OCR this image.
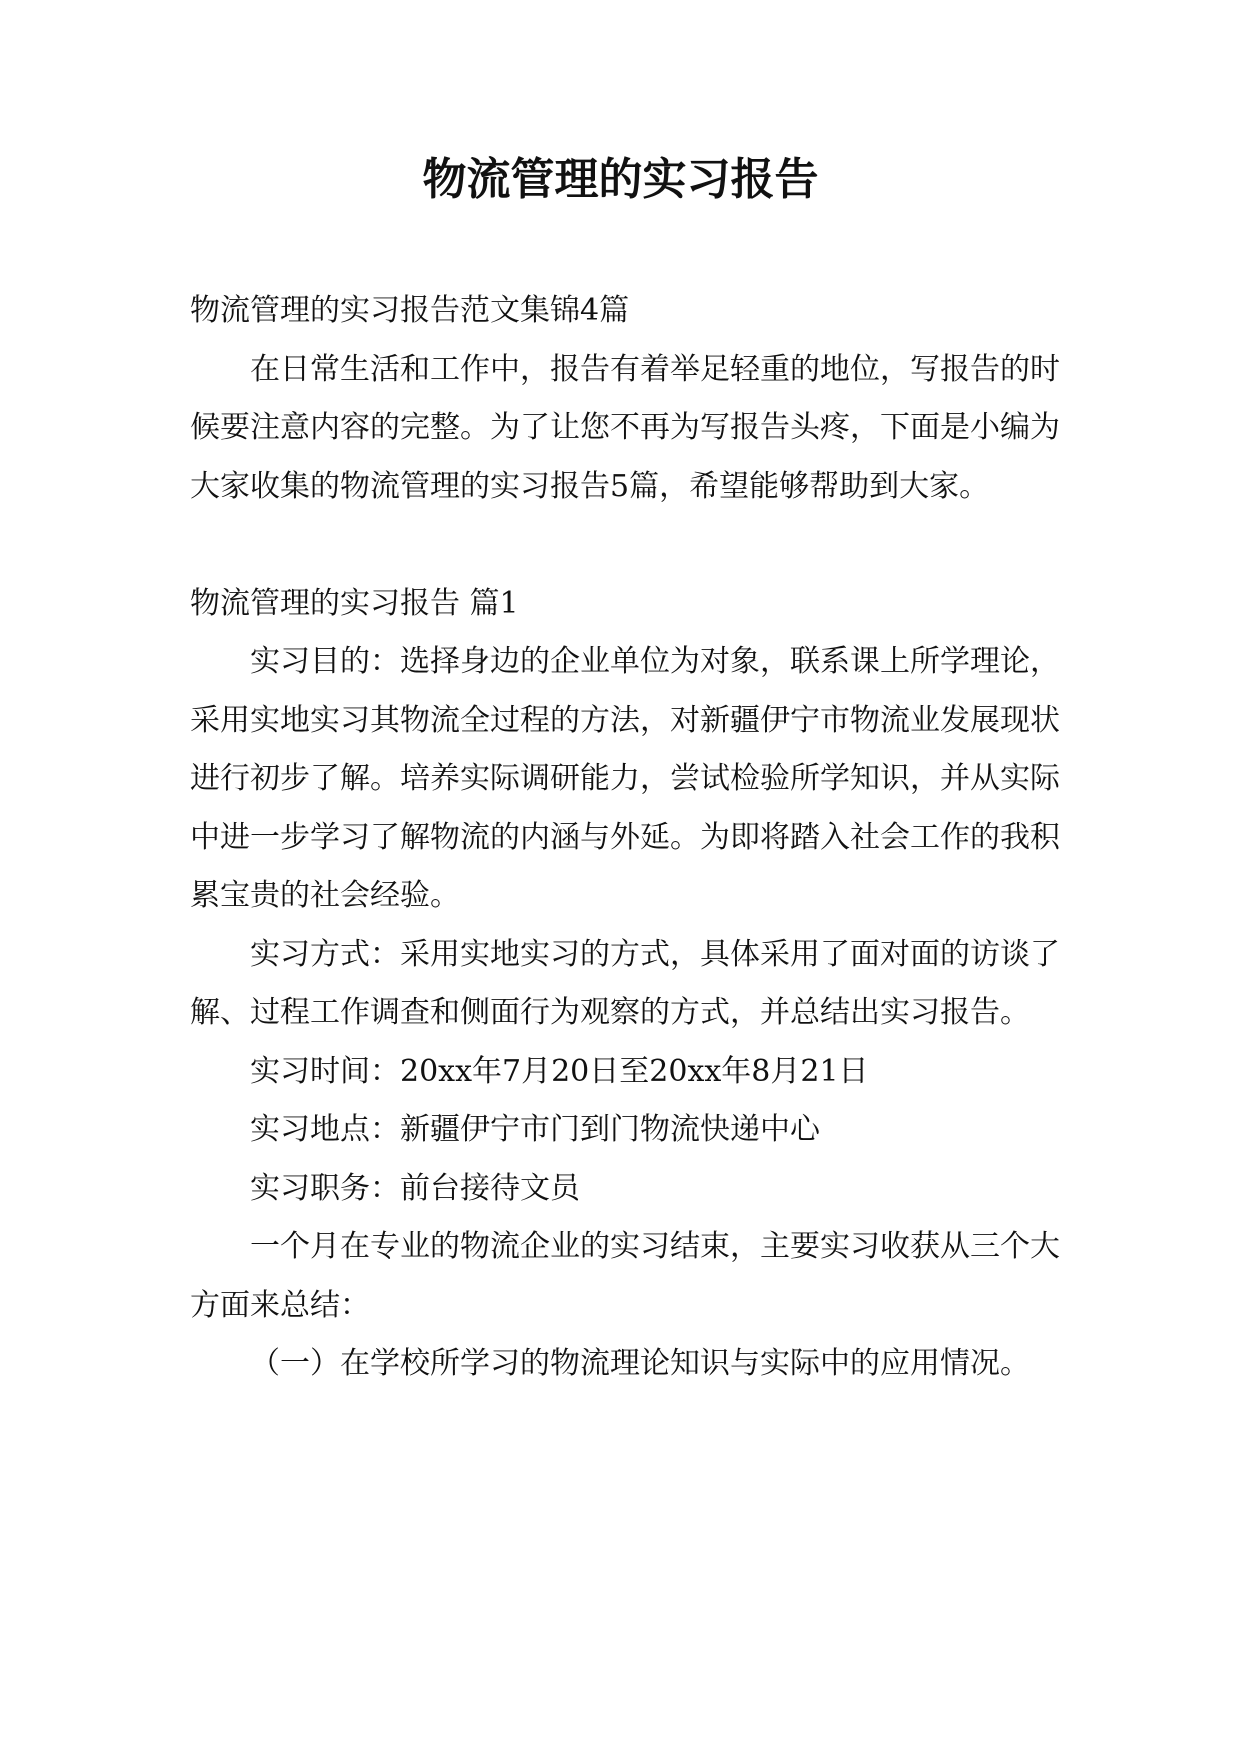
物流管理的实习报告

物流管理的实习报告范文集锦4篇

在日常生活和工作中，报告有着举足轻重的地位，写报告的时候要注意内容的完整。为了让您不再为写报告头疼，下面是小编为大家收集的物流管理的实习报告5篇，希望能够帮助到大家。

物流管理的实习报告 篇1

实习目的：选择身边的企业单位为对象，联系课上所学理论，采用实地实习其物流全过程的方法，对新疆伊宁市物流业发展现状进行初步了解。培养实际调研能力，尝试检验所学知识，并从实际中进一步学习了解物流的内涵与外延。为即将踏入社会工作的我积累宝贵的社会经验。

实习方式：采用实地实习的方式，具体采用了面对面的访谈了解、过程工作调查和侧面行为观察的方式，并总结出实习报告。

实习时间：20xx年7月20日至20xx年8月21日

实习地点：新疆伊宁市门到门物流快递中心

实习职务：前台接待文员

一个月在专业的物流企业的实习结束，主要实习收获从三个大方面来总结：

（一）在学校所学习的物流理论知识与实际中的应用情况。
